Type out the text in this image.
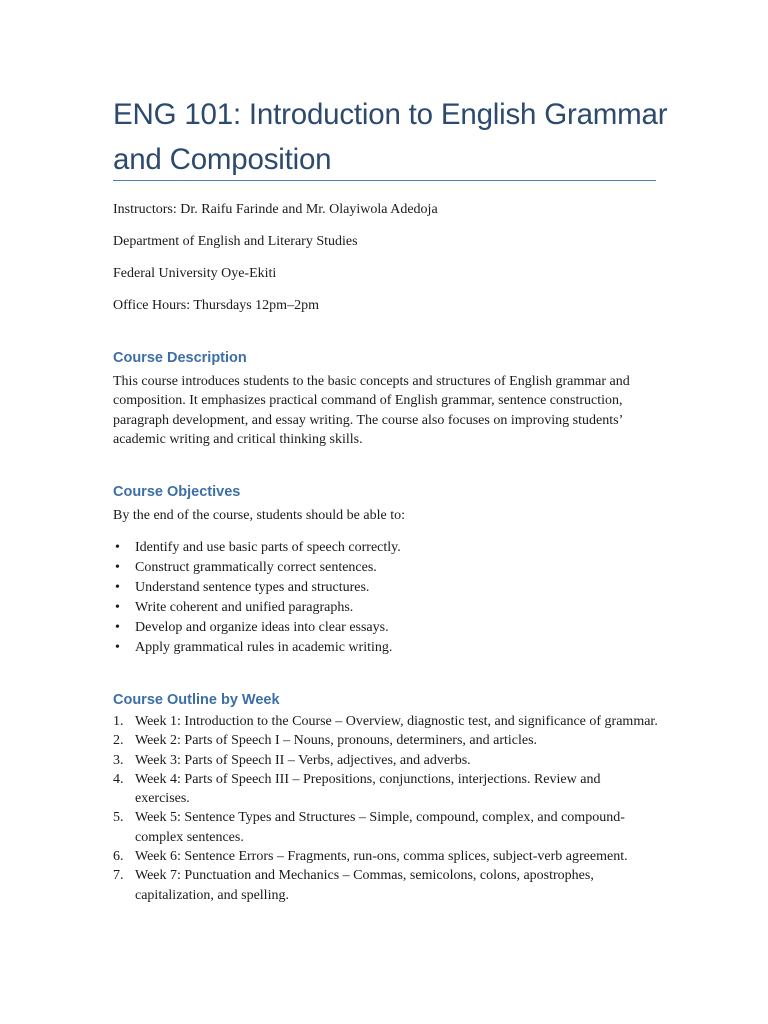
ENG 101: Introduction to English Grammar and Composition

Instructors: Dr. Raifu Farinde and Mr. Olayiwola Adedoja

Department of English and Literary Studies

Federal University Oye-Ekiti

Office Hours: Thursdays 12pm–2pm

Course Description

This course introduces students to the basic concepts and structures of English grammar and composition. It emphasizes practical command of English grammar, sentence construction, paragraph development, and essay writing. The course also focuses on improving students’ academic writing and critical thinking skills.

Course Objectives

By the end of the course, students should be able to:

• Identify and use basic parts of speech correctly.
• Construct grammatically correct sentences.
• Understand sentence types and structures.
• Write coherent and unified paragraphs.
• Develop and organize ideas into clear essays.
• Apply grammatical rules in academic writing.
Course Outline by Week
1. Week 1: Introduction to the Course – Overview, diagnostic test, and significance of grammar.
2. Week 2: Parts of Speech I – Nouns, pronouns, determiners, and articles.
3. Week 3: Parts of Speech II – Verbs, adjectives, and adverbs.
4. Week 4: Parts of Speech III – Prepositions, conjunctions, interjections. Review and exercises.
5. Week 5: Sentence Types and Structures – Simple, compound, complex, and compound-complex sentences.
6. Week 6: Sentence Errors – Fragments, run-ons, comma splices, subject-verb agreement.
7. Week 7: Punctuation and Mechanics – Commas, semicolons, colons, apostrophes, capitalization, and spelling.
